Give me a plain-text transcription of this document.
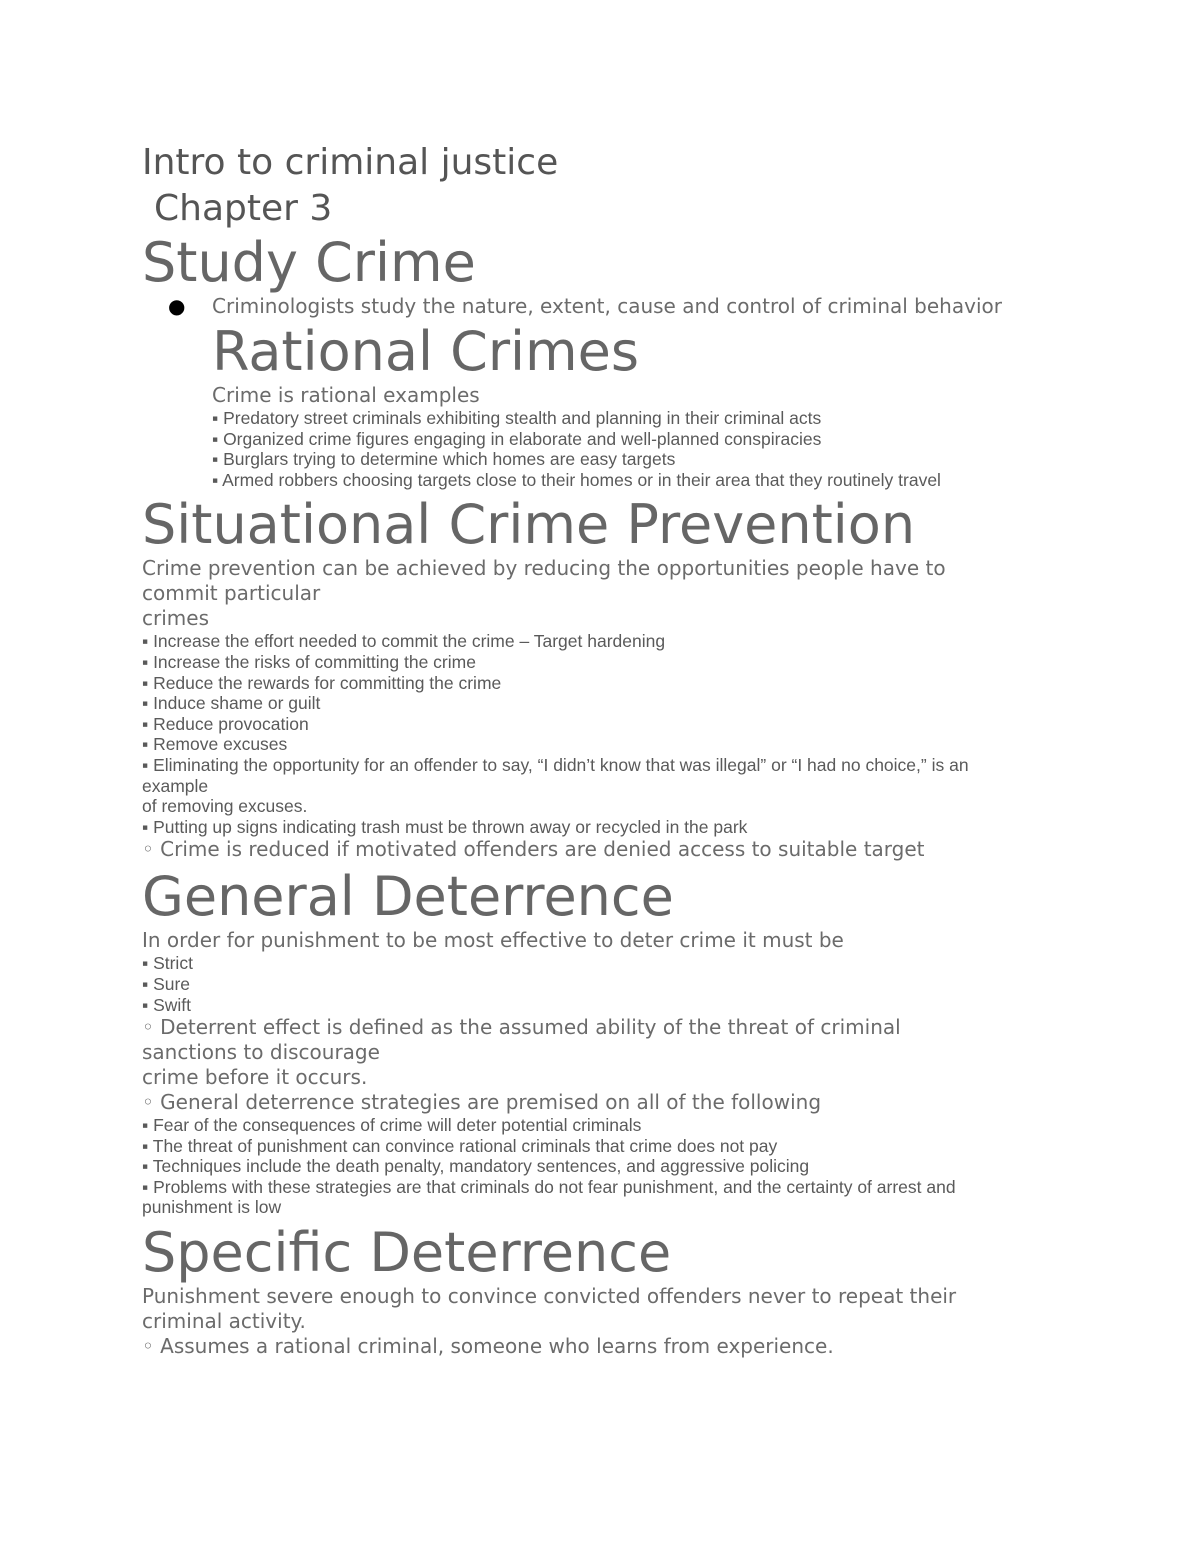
Intro to criminal justice

Chapter 3

Study Crime
●	Criminologists study the nature, extent, cause and control of criminal behavior
Rational Crimes

Crime is rational examples

▪ Predatory street criminals exhibiting stealth and planning in their criminal acts

▪ Organized crime figures engaging in elaborate and well-planned conspiracies

▪ Burglars trying to determine which homes are easy targets

▪ Armed robbers choosing targets close to their homes or in their area that they routinely travel

Situational Crime Prevention

Crime prevention can be achieved by reducing the opportunities people have to commit particular

crimes

▪ Increase the effort needed to commit the crime – Target hardening

▪ Increase the risks of committing the crime

▪ Reduce the rewards for committing the crime

▪ Induce shame or guilt

▪ Reduce provocation

▪ Remove excuses

▪ Eliminating the opportunity for an offender to say, “I didn’t know that was illegal” or “I had no choice,” is an example

of removing excuses.

▪ Putting up signs indicating trash must be thrown away or recycled in the park

◦ Crime is reduced if motivated offenders are denied access to suitable target

General Deterrence

In order for punishment to be most effective to deter crime it must be

▪ Strict

▪ Sure

▪ Swift

◦ Deterrent effect is defined as the assumed ability of the threat of criminal sanctions to discourage

crime before it occurs.

◦ General deterrence strategies are premised on all of the following

▪ Fear of the consequences of crime will deter potential criminals

▪ The threat of punishment can convince rational criminals that crime does not pay

▪ Techniques include the death penalty, mandatory sentences, and aggressive policing

▪ Problems with these strategies are that criminals do not fear punishment, and the certainty of arrest and

punishment is low

Specific Deterrence

Punishment severe enough to convince convicted offenders never to repeat their criminal activity.

◦ Assumes a rational criminal, someone who learns from experience.
